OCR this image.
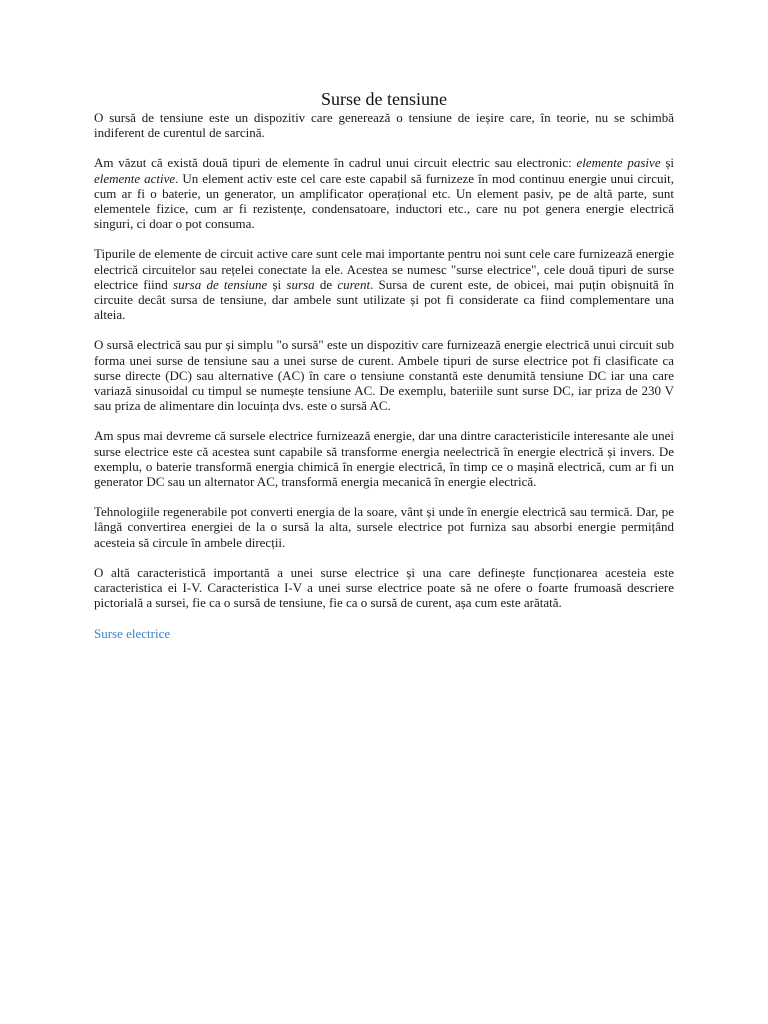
Surse de tensiune

O sursă de tensiune este un dispozitiv care generează o tensiune de ieșire care, în teorie, nu se schimbă indiferent de curentul de sarcină.

Am văzut că există două tipuri de elemente în cadrul unui circuit electric sau electronic: elemente pasive și elemente active. Un element activ este cel care este capabil să furnizeze în mod continuu energie unui circuit, cum ar fi o baterie, un generator, un amplificator operațional etc. Un element pasiv, pe de altă parte, sunt elementele fizice, cum ar fi rezistențe, condensatoare, inductori etc., care nu pot genera energie electrică singuri, ci doar o pot consuma.

Tipurile de elemente de circuit active care sunt cele mai importante pentru noi sunt cele care furnizează energie electrică circuitelor sau rețelei conectate la ele. Acestea se numesc "surse electrice", cele două tipuri de surse electrice fiind sursa de tensiune și sursa de curent. Sursa de curent este, de obicei, mai puțin obișnuită în circuite decât sursa de tensiune, dar ambele sunt utilizate și pot fi considerate ca fiind complementare una alteia.

O sursă electrică sau pur și simplu "o sursă" este un dispozitiv care furnizează energie electrică unui circuit sub forma unei surse de tensiune sau a unei surse de curent. Ambele tipuri de surse electrice pot fi clasificate ca surse directe (DC) sau alternative (AC) în care o tensiune constantă este denumită tensiune DC iar una care variază sinusoidal cu timpul se numește tensiune AC. De exemplu, bateriile sunt surse DC, iar priza de 230 V sau priza de alimentare din locuința dvs. este o sursă AC.

Am spus mai devreme că sursele electrice furnizează energie, dar una dintre caracteristicile interesante ale unei surse electrice este că acestea sunt capabile să transforme energia neelectrică în energie electrică și invers. De exemplu, o baterie transformă energia chimică în energie electrică, în timp ce o mașină electrică, cum ar fi un generator DC sau un alternator AC, transformă energia mecanică în energie electrică.

Tehnologiile regenerabile pot converti energia de la soare, vânt și unde în energie electrică sau termică. Dar, pe lângă convertirea energiei de la o sursă la alta, sursele electrice pot furniza sau absorbi energie permițând acesteia să circule în ambele direcții.

O altă caracteristică importantă a unei surse electrice și una care definește funcționarea acesteia este caracteristica ei I-V. Caracteristica I-V a unei surse electrice poate să ne ofere o foarte frumoasă descriere pictorială a sursei, fie ca o sursă de tensiune, fie ca o sursă de curent, așa cum este arătată.

Surse electrice
